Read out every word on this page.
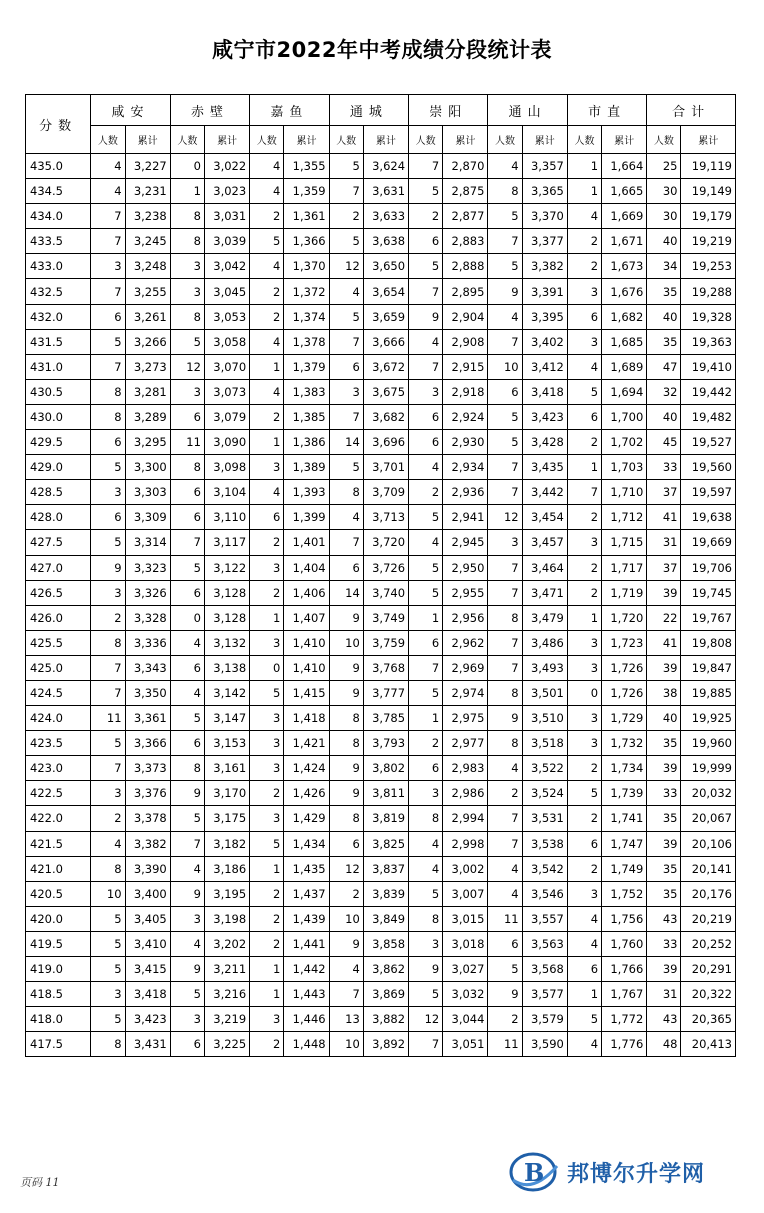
咸宁市2022年中考成绩分段统计表
分数	咸安		赤壁		嘉鱼		通城		崇阳		通山		市直		合计	
	人数	累计	人数	累计	人数	累计	人数	累计	人数	累计	人数	累计	人数	累计	人数	累计
435.0	4	3,227	0	3,022	4	1,355	5	3,624	7	2,870	4	3,357	1	1,664	25	19,119
434.5	4	3,231	1	3,023	4	1,359	7	3,631	5	2,875	8	3,365	1	1,665	30	19,149
434.0	7	3,238	8	3,031	2	1,361	2	3,633	2	2,877	5	3,370	4	1,669	30	19,179
433.5	7	3,245	8	3,039	5	1,366	5	3,638	6	2,883	7	3,377	2	1,671	40	19,219
433.0	3	3,248	3	3,042	4	1,370	12	3,650	5	2,888	5	3,382	2	1,673	34	19,253
432.5	7	3,255	3	3,045	2	1,372	4	3,654	7	2,895	9	3,391	3	1,676	35	19,288
432.0	6	3,261	8	3,053	2	1,374	5	3,659	9	2,904	4	3,395	6	1,682	40	19,328
431.5	5	3,266	5	3,058	4	1,378	7	3,666	4	2,908	7	3,402	3	1,685	35	19,363
431.0	7	3,273	12	3,070	1	1,379	6	3,672	7	2,915	10	3,412	4	1,689	47	19,410
430.5	8	3,281	3	3,073	4	1,383	3	3,675	3	2,918	6	3,418	5	1,694	32	19,442
430.0	8	3,289	6	3,079	2	1,385	7	3,682	6	2,924	5	3,423	6	1,700	40	19,482
429.5	6	3,295	11	3,090	1	1,386	14	3,696	6	2,930	5	3,428	2	1,702	45	19,527
429.0	5	3,300	8	3,098	3	1,389	5	3,701	4	2,934	7	3,435	1	1,703	33	19,560
428.5	3	3,303	6	3,104	4	1,393	8	3,709	2	2,936	7	3,442	7	1,710	37	19,597
428.0	6	3,309	6	3,110	6	1,399	4	3,713	5	2,941	12	3,454	2	1,712	41	19,638
427.5	5	3,314	7	3,117	2	1,401	7	3,720	4	2,945	3	3,457	3	1,715	31	19,669
427.0	9	3,323	5	3,122	3	1,404	6	3,726	5	2,950	7	3,464	2	1,717	37	19,706
426.5	3	3,326	6	3,128	2	1,406	14	3,740	5	2,955	7	3,471	2	1,719	39	19,745
426.0	2	3,328	0	3,128	1	1,407	9	3,749	1	2,956	8	3,479	1	1,720	22	19,767
425.5	8	3,336	4	3,132	3	1,410	10	3,759	6	2,962	7	3,486	3	1,723	41	19,808
425.0	7	3,343	6	3,138	0	1,410	9	3,768	7	2,969	7	3,493	3	1,726	39	19,847
424.5	7	3,350	4	3,142	5	1,415	9	3,777	5	2,974	8	3,501	0	1,726	38	19,885
424.0	11	3,361	5	3,147	3	1,418	8	3,785	1	2,975	9	3,510	3	1,729	40	19,925
423.5	5	3,366	6	3,153	3	1,421	8	3,793	2	2,977	8	3,518	3	1,732	35	19,960
423.0	7	3,373	8	3,161	3	1,424	9	3,802	6	2,983	4	3,522	2	1,734	39	19,999
422.5	3	3,376	9	3,170	2	1,426	9	3,811	3	2,986	2	3,524	5	1,739	33	20,032
422.0	2	3,378	5	3,175	3	1,429	8	3,819	8	2,994	7	3,531	2	1,741	35	20,067
421.5	4	3,382	7	3,182	5	1,434	6	3,825	4	2,998	7	3,538	6	1,747	39	20,106
421.0	8	3,390	4	3,186	1	1,435	12	3,837	4	3,002	4	3,542	2	1,749	35	20,141
420.5	10	3,400	9	3,195	2	1,437	2	3,839	5	3,007	4	3,546	3	1,752	35	20,176
420.0	5	3,405	3	3,198	2	1,439	10	3,849	8	3,015	11	3,557	4	1,756	43	20,219
419.5	5	3,410	4	3,202	2	1,441	9	3,858	3	3,018	6	3,563	4	1,760	33	20,252
419.0	5	3,415	9	3,211	1	1,442	4	3,862	9	3,027	5	3,568	6	1,766	39	20,291
418.5	3	3,418	5	3,216	1	1,443	7	3,869	5	3,032	9	3,577	1	1,767	31	20,322
418.0	5	3,423	3	3,219	3	1,446	13	3,882	12	3,044	2	3,579	5	1,772	43	20,365
417.5	8	3,431	6	3,225	2	1,448	10	3,892	7	3,051	11	3,590	4	1,776	48	20,413
页码 11	B 邦博尔升学网
